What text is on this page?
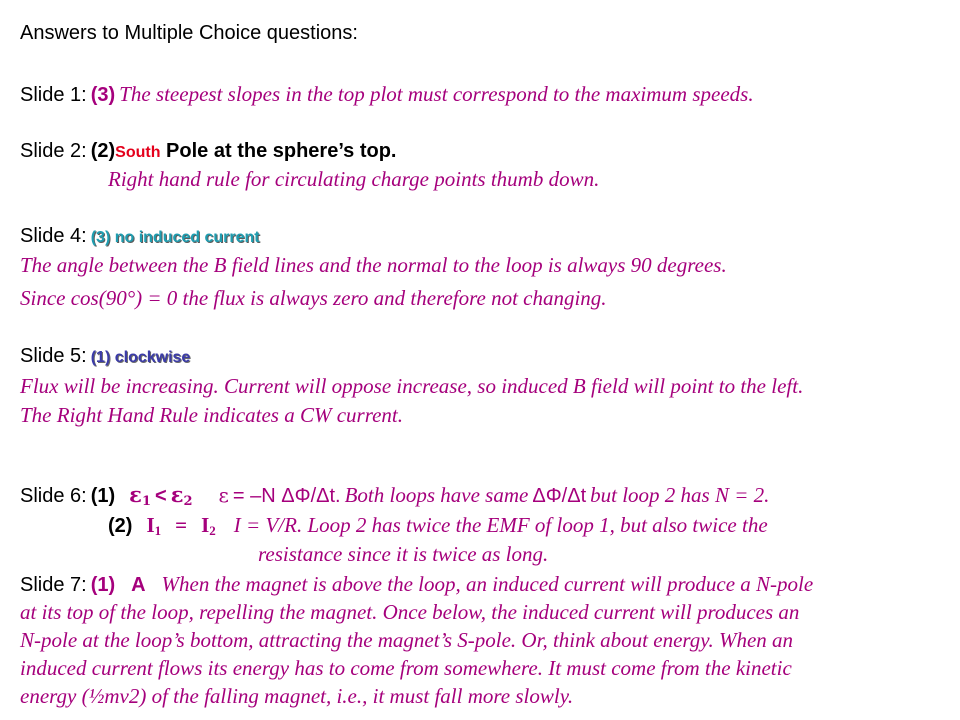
Answers to Multiple Choice questions:
Slide 1: (3) The steepest slopes in the top plot must correspond to the maximum speeds.
Slide 2: (2)South Pole at the sphere’s top.
Right hand rule for circulating charge points thumb down.
Slide 4: (3) no induced current
The angle between the B field lines and the normal to the loop is always 90 degrees.
Since cos(90°) = 0 the flux is always zero and therefore not changing.
Slide 5: (1) clockwise
Flux will be increasing. Current will oppose increase, so induced B field will point to the left.
The Right Hand Rule indicates a CW current.
Slide 6: (1) $\varepsilon_1 < \varepsilon_2$ ε = –N ΔΦ/Δt. Both loops have same ΔΦ/Δt but loop 2 has N = 2.
(2) $I_1 = I_2$ I = V/R. Loop 2 has twice the EMF of loop 1, but also twice the
resistance since it is twice as long.
Slide 7: (1)   A When the magnet is above the loop, an induced current will produce a N-pole
at its top of the loop, repelling the magnet. Once below, the induced current will produces an
N-pole at the loop’s bottom, attracting the magnet’s S-pole. Or, think about energy. When an
induced current flows its energy has to come from somewhere. It must come from the kinetic
energy (½mv2) of the falling magnet, i.e., it must fall more slowly.
